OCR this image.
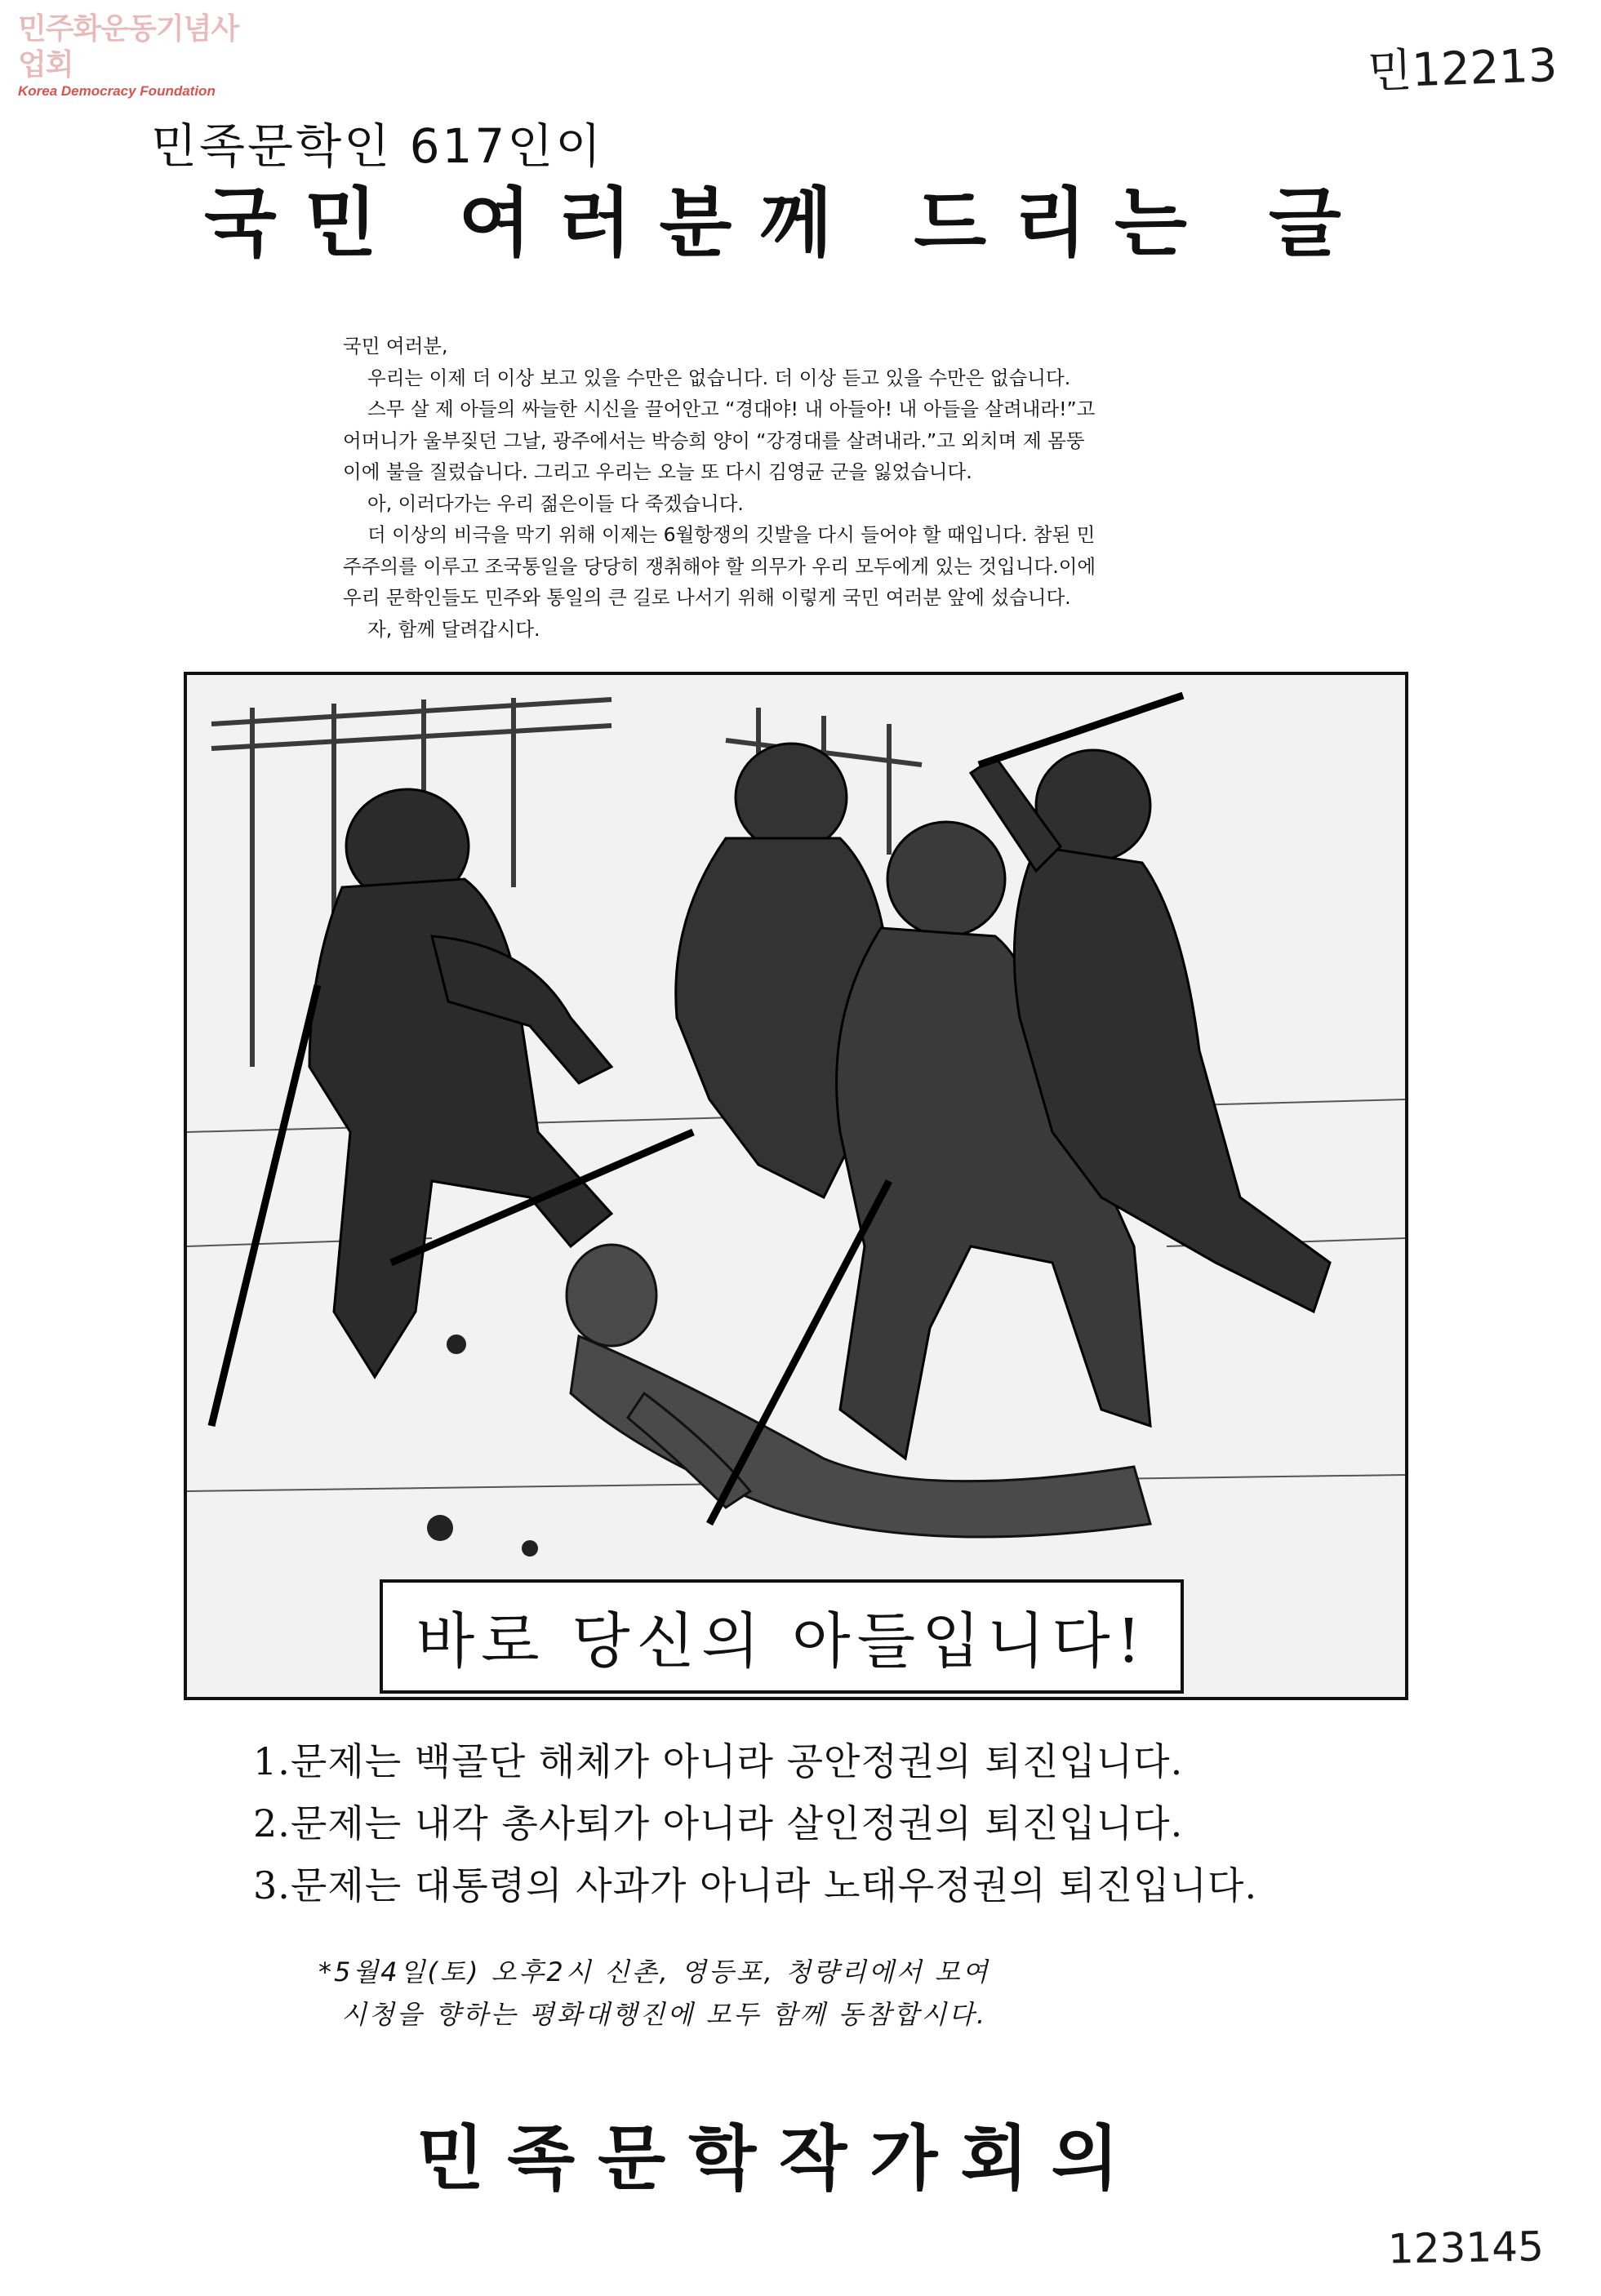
민주화운동기념사업회
Korea Democracy Foundation	민12213
민족문학인 617인이
국민 여러분께 드리는 글

국민 여러분,

우리는 이제 더 이상 보고 있을 수만은 없습니다. 더 이상 듣고 있을 수만은 없습니다.

스무 살 제 아들의 싸늘한 시신을 끌어안고 “경대야! 내 아들아! 내 아들을 살려내라!”고

어머니가 울부짖던 그날, 광주에서는 박승희 양이 “강경대를 살려내라.”고 외치며 제 몸뚱

이에 불을 질렀습니다. 그리고 우리는 오늘 또 다시 김영균 군을 잃었습니다.

아, 이러다가는 우리 젊은이들 다 죽겠습니다.

더 이상의 비극을 막기 위해 이제는 6월항쟁의 깃발을 다시 들어야 할 때입니다. 참된 민

주주의를 이루고 조국통일을 당당히 쟁취해야 할 의무가 우리 모두에게 있는 것입니다.이에

우리 문학인들도 민주와 통일의 큰 길로 나서기 위해 이렇게 국민 여러분 앞에 섰습니다.

자, 함께 달려갑시다.

바로 당신의 아들입니다!
1.문제는 백골단 해체가 아니라 공안정권의 퇴진입니다.
2.문제는 내각 총사퇴가 아니라 살인정권의 퇴진입니다.
3.문제는 대통령의 사과가 아니라 노태우정권의 퇴진입니다.
*5월4일(토) 오후2시 신촌, 영등포, 청량리에서 모여
시청을 향하는 평화대행진에 모두 함께 동참합시다.
민족문학작가회의
123145
